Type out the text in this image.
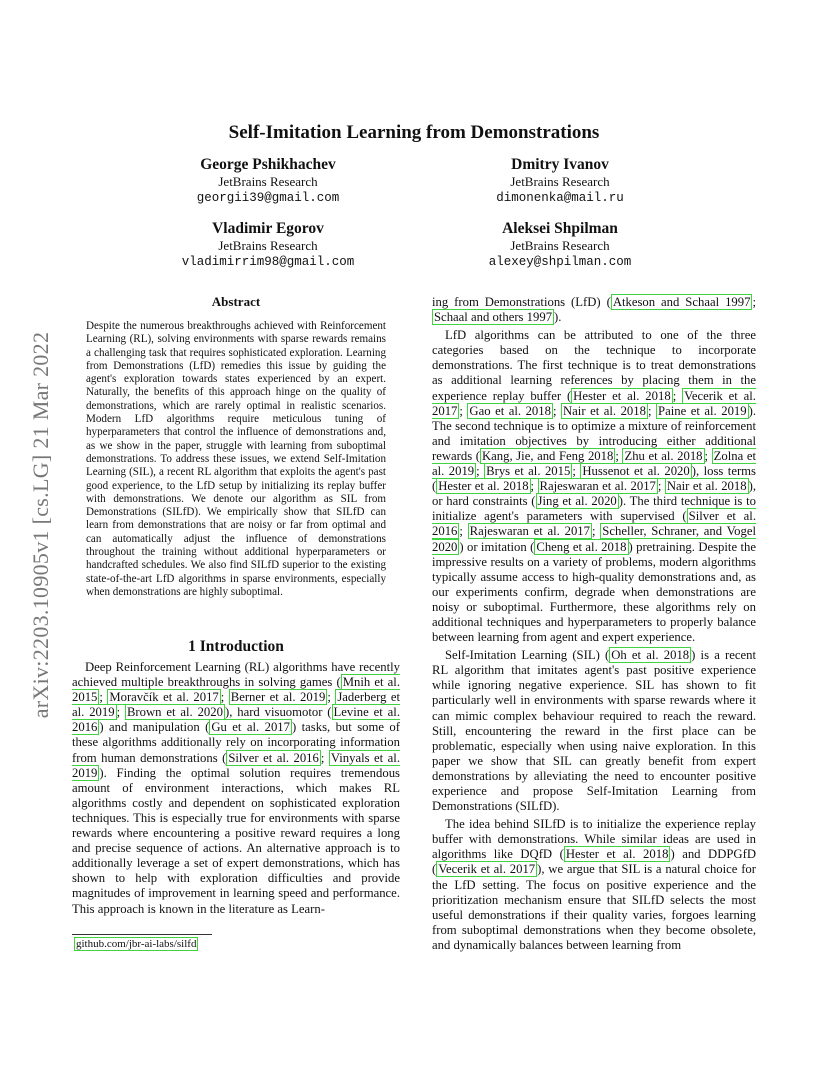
arXiv:2203.10905v1 [cs.LG] 21 Mar 2022
Self-Imitation Learning from Demonstrations
George Pshikhachev
JetBrains Research
georgii39@gmail.com
Dmitry Ivanov
JetBrains Research
dimonenka@mail.ru
Vladimir Egorov
JetBrains Research
vladimirrim98@gmail.com
Aleksei Shpilman
JetBrains Research
alexey@shpilman.com
Abstract

Despite the numerous breakthroughs achieved with Reinforcement Learning (RL), solving environments with sparse rewards remains a challenging task that requires sophisticated exploration. Learning from Demonstrations (LfD) remedies this issue by guiding the agent's exploration towards states experienced by an expert. Naturally, the benefits of this approach hinge on the quality of demonstrations, which are rarely optimal in realistic scenarios. Modern LfD algorithms require meticulous tuning of hyperparameters that control the influence of demonstrations and, as we show in the paper, struggle with learning from suboptimal demonstrations. To address these issues, we extend Self-Imitation Learning (SIL), a recent RL algorithm that exploits the agent's past good experience, to the LfD setup by initializing its replay buffer with demonstrations. We denote our algorithm as SIL from Demonstrations (SILfD). We empirically show that SILfD can learn from demonstrations that are noisy or far from optimal and can automatically adjust the influence of demonstrations throughout the training without additional hyperparameters or handcrafted schedules. We also find SILfD superior to the existing state-of-the-art LfD algorithms in sparse environments, especially when demonstrations are highly suboptimal.

1 Introduction

Deep Reinforcement Learning (RL) algorithms have recently achieved multiple breakthroughs in solving games ( Mnih et al. 2015 ; Moravčík et al. 2017 ; Berner et al. 2019 ; Jaderberg et al. 2019 ; Brown et al. 2020 ), hard visuomotor ( Levine et al. 2016 ) and manipulation ( Gu et al. 2017 ) tasks, but some of these algorithms additionally rely on incorporating information from human demonstrations ( Silver et al. 2016 ; Vinyals et al. 2019 ). Finding the optimal solution requires tremendous amount of environment interactions, which makes RL algorithms costly and dependent on sophisticated exploration techniques. This is especially true for environments with sparse rewards where encountering a positive reward requires a long and precise sequence of actions. An alternative approach is to additionally leverage a set of expert demonstrations, which has shown to help with exploration difficulties and provide magnitudes of improvement in learning speed and performance. This approach is known in the literature as Learn-

ing from Demonstrations (LfD) ( Atkeson and Schaal 1997 ; Schaal and others 1997 ).

LfD algorithms can be attributed to one of the three categories based on the technique to incorporate demonstrations. The first technique is to treat demonstrations as additional learning references by placing them in the experience replay buffer ( Hester et al. 2018 ; Vecerik et al. 2017 ; Gao et al. 2018 ; Nair et al. 2018 ; Paine et al. 2019 ). The second technique is to optimize a mixture of reinforcement and imitation objectives by introducing either additional rewards ( Kang, Jie, and Feng 2018 ; Zhu et al. 2018 ; Zolna et al. 2019 ; Brys et al. 2015 ; Hussenot et al. 2020 ), loss terms ( Hester et al. 2018 ; Rajeswaran et al. 2017 ; Nair et al. 2018 ), or hard constraints ( Jing et al. 2020 ). The third technique is to initialize agent's parameters with supervised ( Silver et al. 2016 ; Rajeswaran et al. 2017 ; Scheller, Schraner, and Vogel 2020 ) or imitation ( Cheng et al. 2018 ) pretraining. Despite the impressive results on a variety of problems, modern algorithms typically assume access to high-quality demonstrations and, as our experiments confirm, degrade when demonstrations are noisy or suboptimal. Furthermore, these algorithms rely on additional techniques and hyperparameters to properly balance between learning from agent and expert experience.

Self-Imitation Learning (SIL) ( Oh et al. 2018 ) is a recent RL algorithm that imitates agent's past positive experience while ignoring negative experience. SIL has shown to fit particularly well in environments with sparse rewards where it can mimic complex behaviour required to reach the reward. Still, encountering the reward in the first place can be problematic, especially when using naive exploration. In this paper we show that SIL can greatly benefit from expert demonstrations by alleviating the need to encounter positive experience and propose Self-Imitation Learning from Demonstrations (SILfD).

The idea behind SILfD is to initialize the experience replay buffer with demonstrations. While similar ideas are used in algorithms like DQfD ( Hester et al. 2018 ) and DDPGfD ( Vecerik et al. 2017 ), we argue that SIL is a natural choice for the LfD setting. The focus on positive experience and the prioritization mechanism ensure that SILfD selects the most useful demonstrations if their quality varies, forgoes learning from suboptimal demonstrations when they become obsolete, and dynamically balances between learning from

github.com/jbr-ai-labs/silfd
